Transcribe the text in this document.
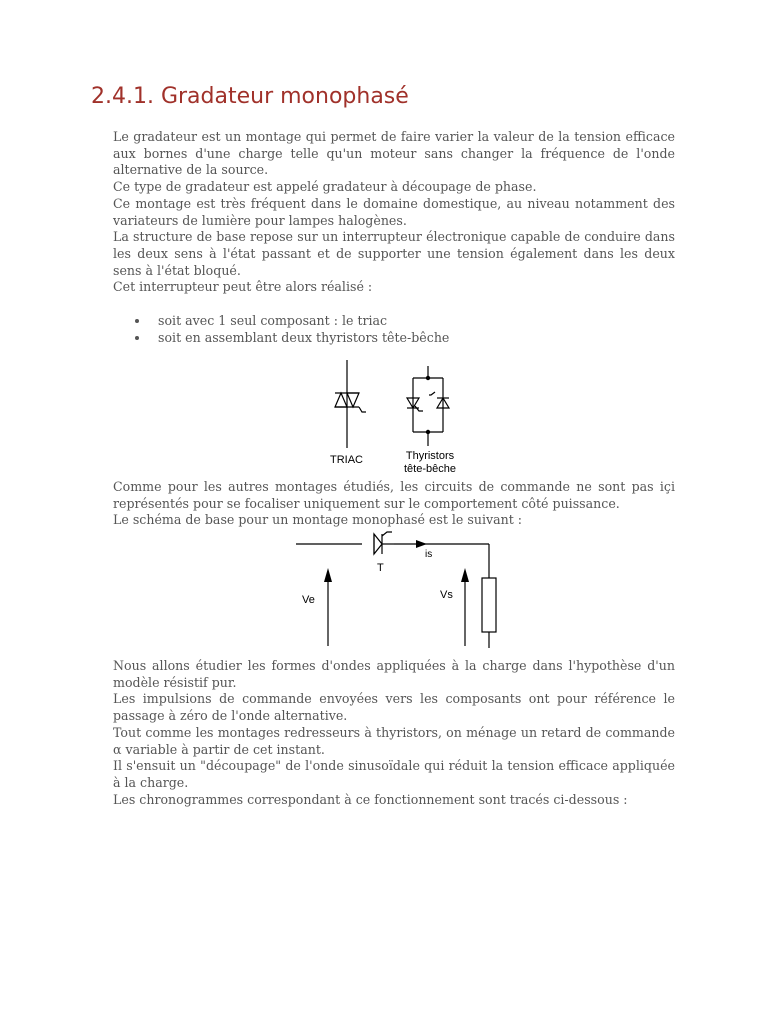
2.4.1. Gradateur monophasé

Le gradateur est un montage qui permet de faire varier la valeur de la tension efficace aux bornes d'une charge telle qu'un moteur sans changer la fréquence de l'onde alternative de la source.

Ce type de gradateur est appelé gradateur à découpage de phase.

Ce montage est très fréquent dans le domaine domestique, au niveau notamment des variateurs de lumière pour lampes halogènes.

La structure de base repose sur un interrupteur électronique capable de conduire dans les deux sens à l'état passant et de supporter une tension également dans les deux sens à l'état bloqué.

Cet interrupteur peut être alors réalisé :

soit avec 1 seul composant : le triac
soit en assemblant deux thyristors tête-bêche
TRIAC	Thyristors
tête-bêche

Comme pour les autres montages étudiés, les circuits de commande ne sont pas içi représentés pour se focaliser uniquement sur le comportement côté puissance.

Le schéma de base pour un montage monophasé est le suivant :

T
is
Ve	Vs

Nous allons étudier les formes d'ondes appliquées à la charge dans l'hypothèse d'un modèle résistif pur.

Les impulsions de commande envoyées vers les composants ont pour référence le passage à zéro de l'onde alternative.

Tout comme les montages redresseurs à thyristors, on ménage un retard de commande α variable à partir de cet instant.

Il s'ensuit un "découpage" de l'onde sinusoïdale qui réduit la tension efficace appliquée à la charge.

Les chronogrammes correspondant à ce fonctionnement sont tracés ci-dessous :
